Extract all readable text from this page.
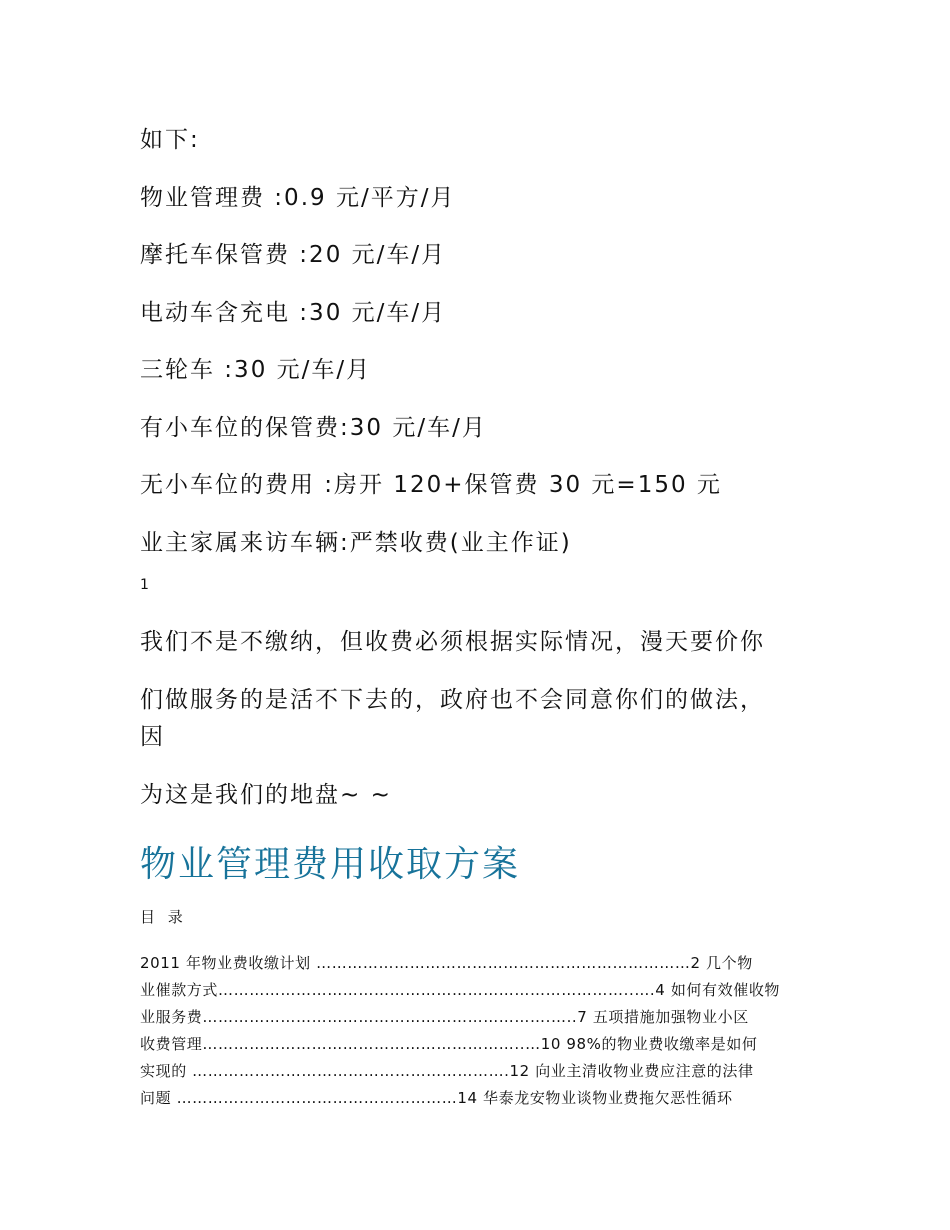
如下:
物业管理费 :0.9 元/平方/月
摩托车保管费 :20 元/车/月
电动车含充电 :30 元/车/月
三轮车 :30 元/车/月
有小车位的保管费:30 元/车/月
无小车位的费用 :房开 120+保管费 30 元=150 元
业主家属来访车辆:严禁收费(业主作证)
1
我们不是不缴纳，但收费必须根据实际情况，漫天要价你
们做服务的是活不下去的，政府也不会同意你们的做法，
因
为这是我们的地盘~ ~
物业管理费用收取方案
目 录
2011 年物业费收缴计划 ………………………………………………………………2 几个物
业催款方式……………………………………………………………………..….4 如何有效催收物
业服务费………………………………………………………….…..7 五项措施加强物业小区
收费管理……………………………………………………..…10 98%的物业费收缴率是如何
实现的 …………………………………………………….12 向业主清收物业费应注意的法律
问题 ………………………………………………14 华泰龙安物业谈物业费拖欠恶性循环
